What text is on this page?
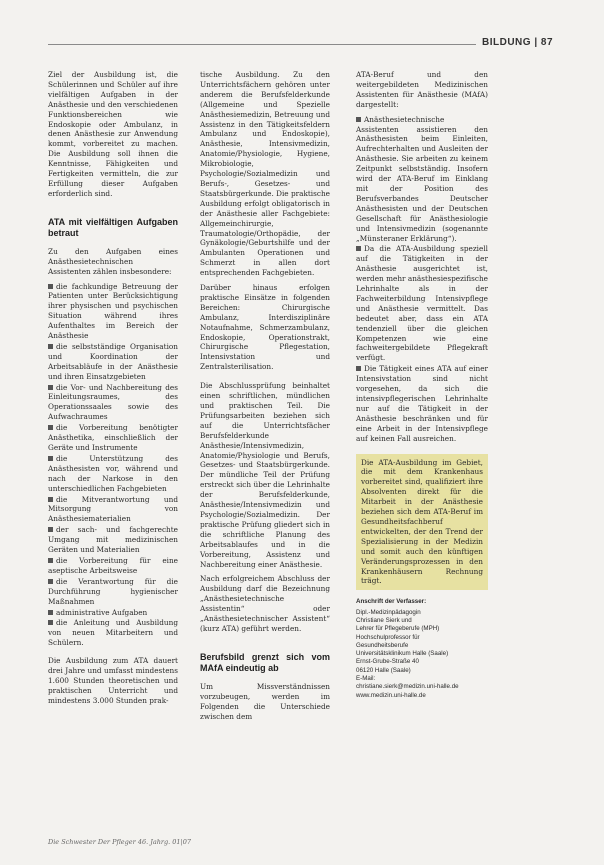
BILDUNG | 87

Ziel der Ausbildung ist, die Schülerinnen und Schüler auf ihre vielfältigen Aufgaben in der Anästhesie und den verschiedenen Funktionsbereichen wie Endoskopie oder Ambulanz, in denen Anästhesie zur Anwendung kommt, vorbereitet zu machen. Die Ausbildung soll ihnen die Kenntnisse, Fähigkeiten und Fertigkeiten vermitteln, die zur Erfüllung dieser Aufgaben erforderlich sind.

ATA mit vielfältigen Aufgaben betraut

Zu den Aufgaben eines Anästhesietechnischen Assistenten zählen insbesondere:

die fachkundige Betreuung der Patienten unter Berücksichtigung ihrer physischen und psychischen Situation während ihres Aufenthaltes im Bereich der Anästhesie
die selbstständige Organisation und Koordination der Arbeitsabläufe in der Anästhesie und ihren Einsatzgebieten
die Vor- und Nachbereitung des Einleitungsraumes, des Operationssaales sowie des Aufwachraumes
die Vorbereitung benötigter Anästhetika, einschließlich der Geräte und Instrumente
die Unterstützung des Anästhesisten vor, während und nach der Narkose in den unterschiedlichen Fachgebieten
die Mitverantwortung und Mitsorgung von Anästhesiematerialien
der sach- und fachgerechte Umgang mit medizinischen Geräten und Materialien
die Vorbereitung für eine aseptische Arbeitsweise
die Verantwortung für die Durchführung hygienischer Maßnahmen
administrative Aufgaben
die Anleitung und Ausbildung von neuen Mitarbeitern und Schülern.

Die Ausbildung zum ATA dauert drei Jahre und umfasst mindestens 1.600 Stunden theoretischen und praktischen Unterricht und mindestens 3.000 Stunden prak-

tische Ausbildung. Zu den Unterrichtsfächern gehören unter anderem die Berufsfelderkunde (Allgemeine und Spezielle Anästhesiemedizin, Betreuung und Assistenz in den Tätigkeitsfeldern Ambulanz und Endoskopie), Anästhesie, Intensivmedizin, Anatomie/Physiologie, Hygiene, Mikrobiologie, Psychologie/Sozialmedizin und Berufs-, Gesetzes- und Staatsbürgerkunde. Die praktische Ausbildung erfolgt obligatorisch in der Anästhesie aller Fachgebiete: Allgemeinchirurgie, Traumatologie/Orthopädie, der Gynäkologie/Geburtshilfe und der Ambulanten Operationen und Schmerzt in allen dort entsprechenden Fachgebieten.

Darüber hinaus erfolgen praktische Einsätze in folgenden Bereichen: Chirurgische Ambulanz, Interdisziplinäre Notaufnahme, Schmerzambulanz, Endoskopie, Operationstrakt, Chirurgische Pflegestation, Intensivstation und Zentralsterilisation.

Die Abschlussprüfung beinhaltet einen schriftlichen, mündlichen und praktischen Teil. Die Prüfungsarbeiten beziehen sich auf die Unterrichtsfächer Berufsfelderkunde Anästhesie/Intensivmedizin, Anatomie/Physiologie und Berufs, Gesetzes- und Staatsbürgerkunde. Der mündliche Teil der Prüfung erstreckt sich über die Lehrinhalte der Berufsfelderkunde, Anästhesie/Intensivmedizin und Psychologie/Sozialmedizin. Der praktische Prüfung gliedert sich in die schriftliche Planung des Arbeitsablaufes und in die Vorbereitung, Assistenz und Nachbereitung einer Anästhesie.

Nach erfolgreichem Abschluss der Ausbildung darf die Bezeichnung „Anästhesietechnische Assistentin“ oder „Anästhesietechnischer Assistent“ (kurz ATA) geführt werden.

Berufsbild grenzt sich vom MAfA eindeutig ab

Um Missverständnissen vorzubeugen, werden im Folgenden die Unterschiede zwischen dem

ATA-Beruf und den weitergebildeten Medizinischen Assistenten für Anästhesie (MAfA) dargestellt:

Anästhesietechnische Assistenten assistieren den Anästhesisten beim Einleiten, Aufrechterhalten und Ausleiten der Anästhesie. Sie arbeiten zu keinem Zeitpunkt selbstständig. Insofern wird der ATA-Beruf im Einklang mit der Position des Berufsverbandes Deutscher Anästhesisten und der Deutschen Gesellschaft für Anästhesiologie und Intensivmedizin (sogenannte „Münsteraner Erklärung“).
Da die ATA-Ausbildung speziell auf die Tätigkeiten in der Anästhesie ausgerichtet ist, werden mehr anästhesiespezifische Lehrinhalte als in der Fachweiterbildung Intensivpflege und Anästhesie vermittelt. Das bedeutet aber, dass ein ATA tendenziell über die gleichen Kompetenzen wie eine fachweitergebildete Pflegekraft verfügt.
Die Tätigkeit eines ATA auf einer Intensivstation sind nicht vorgesehen, da sich die intensivpflegerischen Lehrinhalte nur auf die Tätigkeit in der Anästhesie beschränken und für eine Arbeit in der Intensivpflege auf keinen Fall ausreichen.
Die ATA-Ausbildung im Gebiet, die mit dem Krankenhaus vorbereitet sind, qualifiziert ihre Absolventen direkt für die Mitarbeit in der Anästhesie beziehen sich dem ATA-Beruf im Gesundheitsfachberuf entwickelten, der den Trend der Spezialisierung in der Medizin und somit auch den künftigen Veränderungsprozessen in den Krankenhäusern Rechnung trägt.
Anschrift der Verfasser:
Dipl.-Medizinpädagogin
Christiane Sierk und
Lehrer für Pflegeberufe (MPH)
Hochschulprofessor für
Gesundheitsberufe
Universitätsklinikum Halle (Saale)
Ernst-Grube-Straße 40
06120 Halle (Saale)
E-Mail:
christiane.sierk@medizin.uni-halle.de
www.medizin.uni-halle.de
Die Schwester Der Pfleger 46. Jahrg. 01|07
